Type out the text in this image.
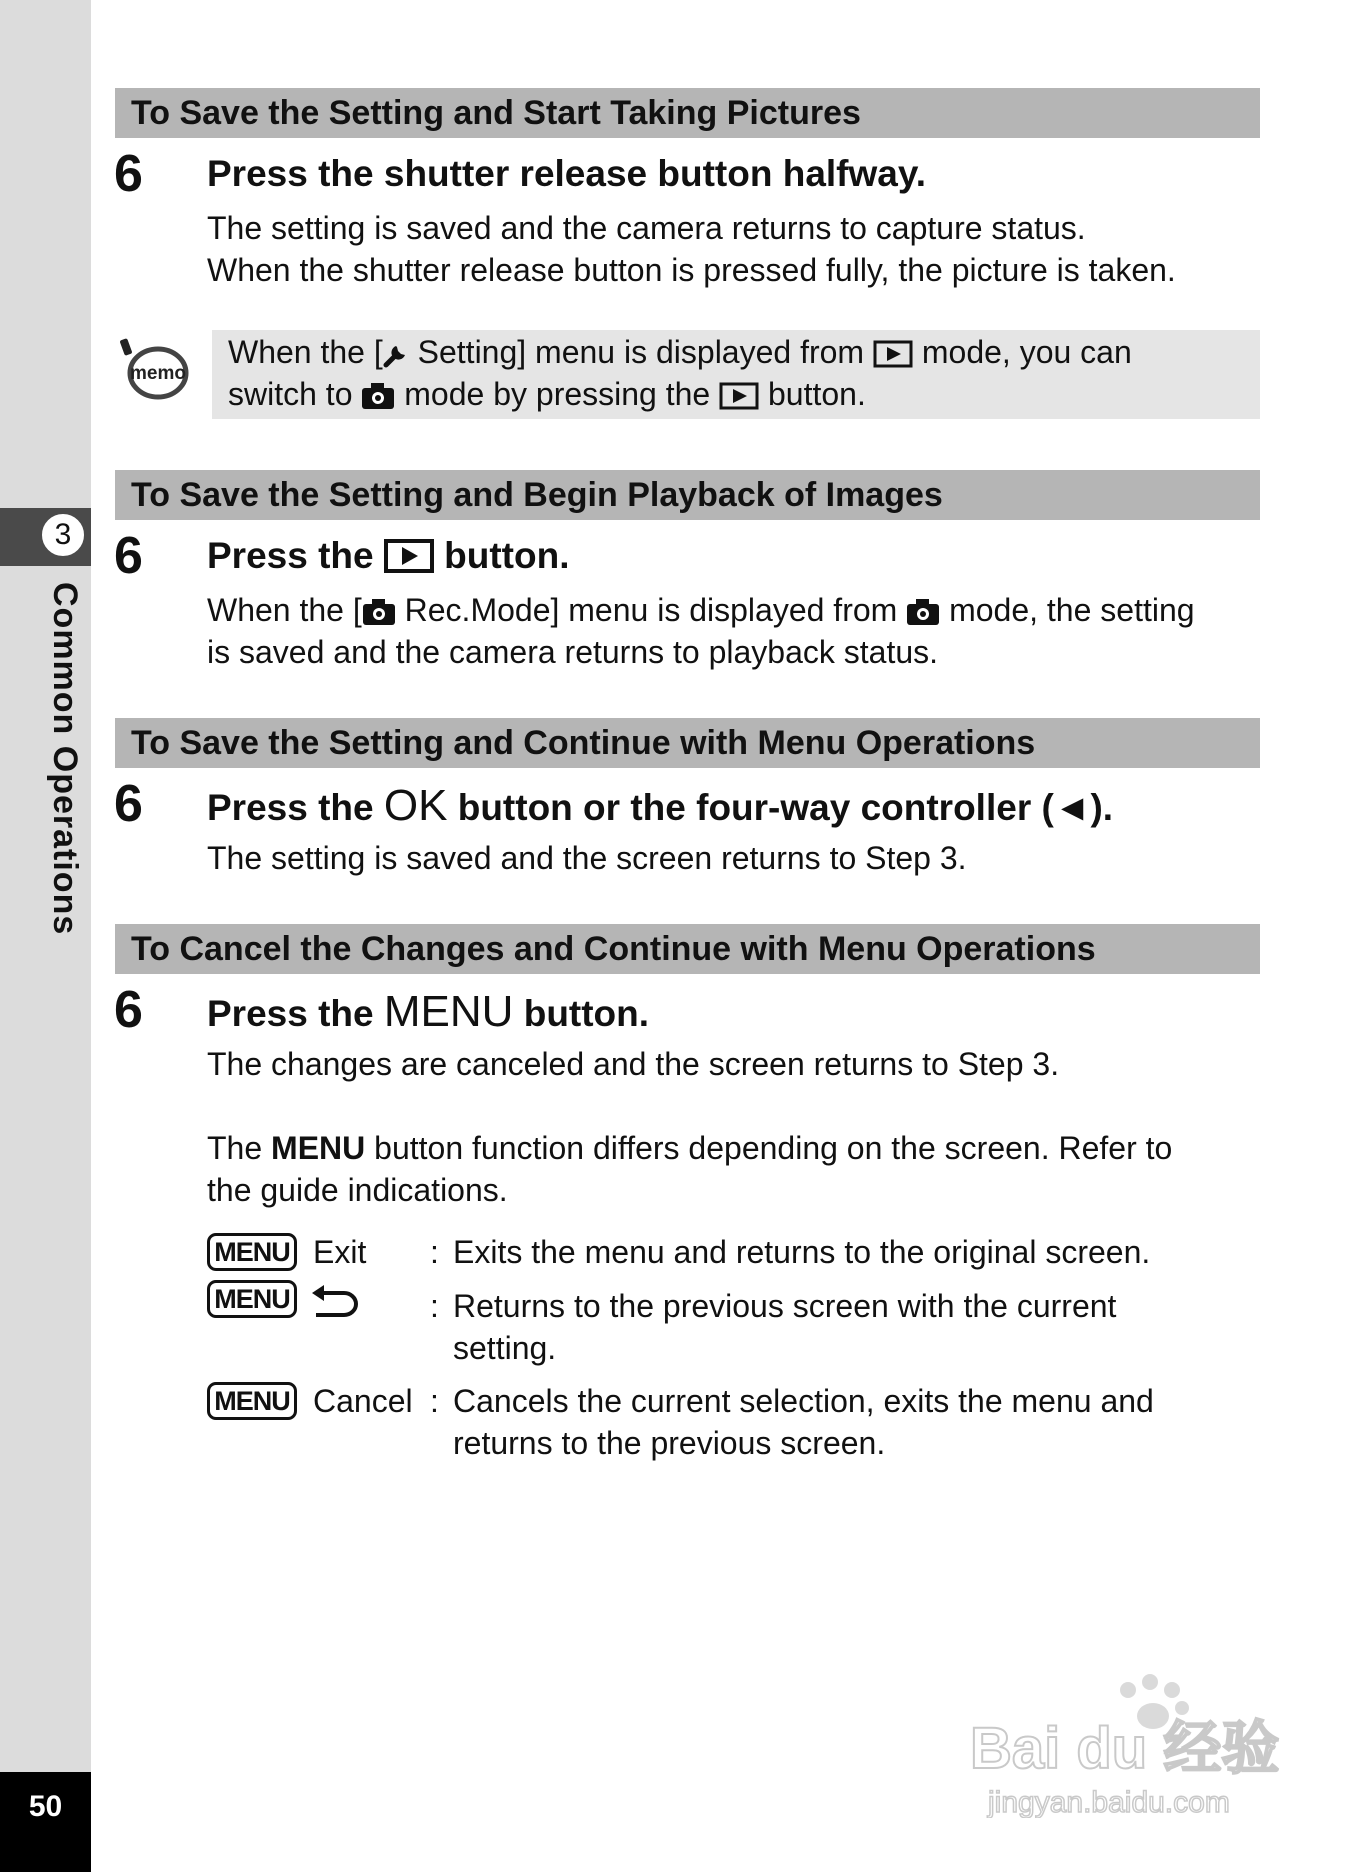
3
Common Operations
50
To Save the Setting and Start Taking Pictures
6 Press the shutter release button halfway.
The setting is saved and the camera returns to capture status.
When the shutter release button is pressed fully, the picture is taken.
memo
When the [ Setting] menu is displayed from  mode, you can
switch to  mode by pressing the  button.
To Save the Setting and Begin Playback of Images
6 Press the  button.
When the [ Rec.Mode] menu is displayed from  mode, the setting
is saved and the camera returns to playback status.
To Save the Setting and Continue with Menu Operations
6 Press the OK button or the four-way controller (◄).
The setting is saved and the screen returns to Step 3.
To Cancel the Changes and Continue with Menu Operations
6 Press the MENU button.
The changes are canceled and the screen returns to Step 3.
The MENU button function differs depending on the screen. Refer to
the guide indications.
MENU Exit : Exits the menu and returns to the original screen.
MENU	: Returns to the previous screen with the current
setting.
MENU Cancel : Cancels the current selection, exits the menu and
returns to the previous screen.
Bai du 经验
jingyan.baidu.com
